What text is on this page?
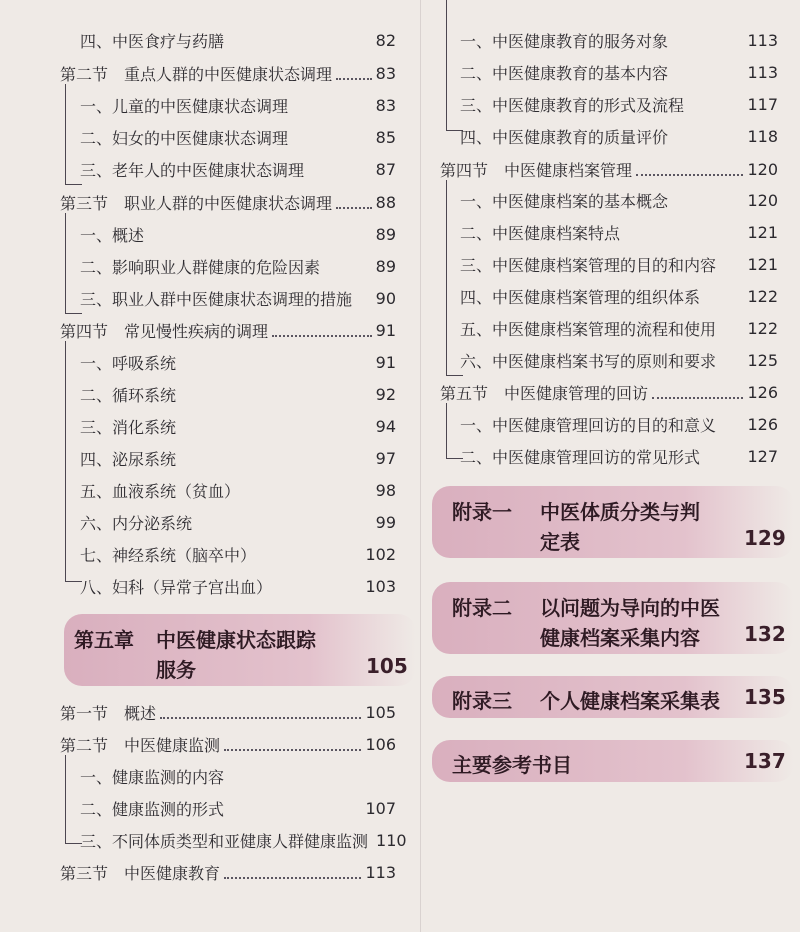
四、中医食疗与药膳	82
第二节　重点人群的中医健康状态调理	83
一、儿童的中医健康状态调理	83
二、妇女的中医健康状态调理	85
三、老年人的中医健康状态调理	87
第三节　职业人群的中医健康状态调理	88
一、概述	89
二、影响职业人群健康的危险因素	89
三、职业人群中医健康状态调理的措施 90
第四节　常见慢性疾病的调理	91
一、呼吸系统	91
二、循环系统	92
三、消化系统	94
四、泌尿系统	97
五、血液系统（贫血）	98
六、内分泌系统	99
七、神经系统（脑卒中）	102
八、妇科（异常子宫出血）	103
第五章 中医健康状态跟踪
服务	105
第一节　概述	105
第二节　中医健康监测	106
一、健康监测的内容
二、健康监测的形式	107
三、不同体质类型和亚健康人群健康监测 110
第三节　中医健康教育	113
一、中医健康教育的服务对象	113
二、中医健康教育的基本内容	113
三、中医健康教育的形式及流程	117
四、中医健康教育的质量评价	118
第四节　中医健康档案管理	120
一、中医健康档案的基本概念	120
二、中医健康档案特点	121
三、中医健康档案管理的目的和内容 121
四、中医健康档案管理的组织体系	122
五、中医健康档案管理的流程和使用 122
六、中医健康档案书写的原则和要求 125
第五节　中医健康管理的回访	126
一、中医健康管理回访的目的和意义 126
二、中医健康管理回访的常见形式	127
附录一 中医体质分类与判
定表	129
附录二 以问题为导向的中医
健康档案采集内容 132
附录三 个人健康档案采集表 135
主要参考书目	137
